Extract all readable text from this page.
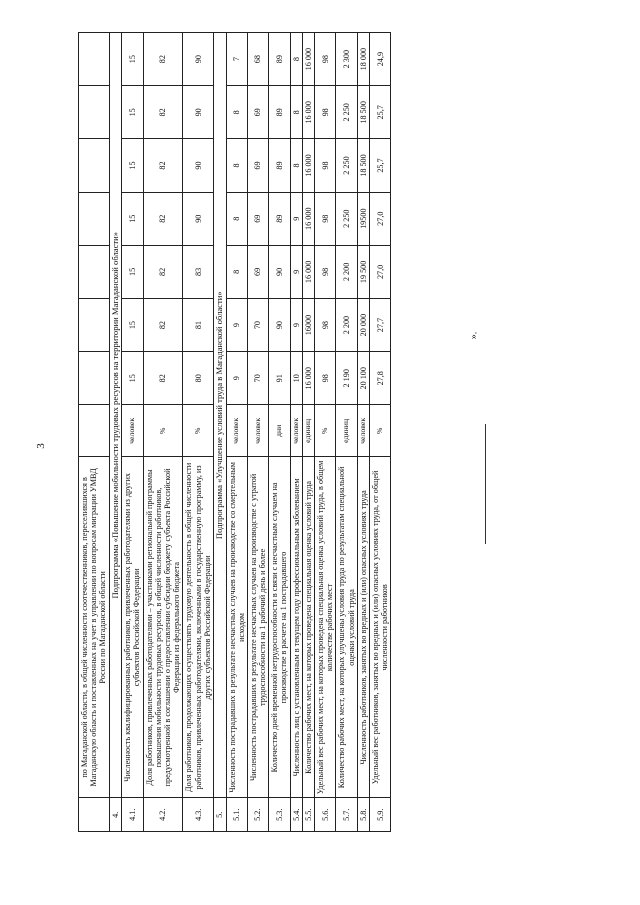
3
	по Магаданской области, в общей численности соотечественников, переселившихся в Магаданскую область и поставленных на учет в управлении по вопросам миграции УМВД России по Магаданской области								
4.	Подпрограмма «Повышение мобильности трудовых ресурсов на территории Магаданской области»								
4.1.	Численность квалифицированных работников, привлеченных работодателями из других субъектов Российской Федерации	человек	15	15	15	15	15	15	15
4.2.	Доля работников, привлеченных работодателями – участниками региональной программы повышения мобильности трудовых ресурсов, в общей численности работников, предусмотренной в соглашении о предоставлении субсидии бюджету субъекта Российской Федерации из федерального бюджета	%	82	82	82	82	82	82	82
4.3.	Доля работников, продолжающих осуществлять трудовую деятельность в общей численности работников, привлеченных работодателями, включенными в государственную программу, из других субъектов Российской Федерации	%	80	81	83	90	90	90	90
5.	Подпрограмма «Улучшение условий труда в Магаданской области»								
5.1.	Численность пострадавших в результате несчастных случаев на производстве со смертельным исходом	человек	9	9	8	8	8	8	7
5.2.	Численность пострадавших в результате несчастных случаев на производстве с утратой трудоспособности на 1 рабочий день и более	человек	70	70	69	69	69	69	68
5.3.	Количество дней временной нетрудоспособности в связи с несчастным случаем на производстве в расчете на 1 пострадавшего	дни	91	90	90	89	89	89	89
5.4.	Численность лиц с установленным в текущем году профессиональным заболеванием	человек	10	9	9	9	8	8	8
5.5.	Количество рабочих мест, на которых проведена специальная оценка условий труда	единиц	16 000	16000	16 000	16 000	16 000	16 000	16 000
5.6.	Удельный вес рабочих мест, на которых проведена специальная оценка условий труда, в общем количестве рабочих мест	%	98	98	98	98	98	98	98
5.7.	Количество рабочих мест, на которых улучшены условия труда по результатам специальной оценки условий труда	единиц	2 190	2 200	2 200	2 250	2 250	2 250	2 300
5.8.	Численность работников, занятых во вредных и (или) опасных условиях труда	человек	20 100	20 000	19 500	19500	18 500	18 500	18 000
5.9.	Удельный вес работников, занятых во вредных и (или) опасных условиях труда, от общей численности работников	%	27,8	27,7	27,0	27,0	25,7	25,7	24,9
».
